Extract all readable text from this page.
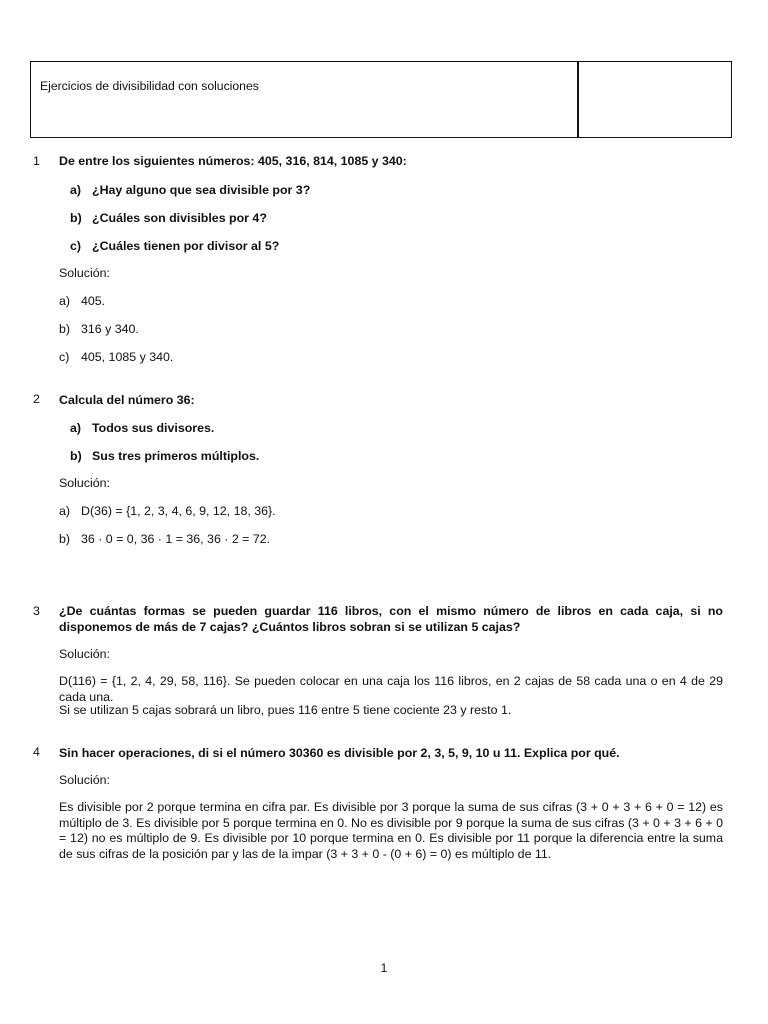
Ejercicios de divisibilidad con soluciones
1 De entre los siguientes números: 405, 316, 814, 1085 y 340:
a) ¿Hay alguno que sea divisible por 3?
b) ¿Cuáles son divisibles por 4?
c) ¿Cuáles tienen por divisor al 5?
Solución:
a) 405.
b) 316 y 340.
c) 405, 1085 y 340.
2 Calcula del número 36:
a) Todos sus divisores.
b) Sus tres primeros múltiplos.
Solución:
a) D(36) = {1, 2, 3, 4, 6, 9, 12, 18, 36}.
b) 36 · 0 = 0, 36 · 1 = 36, 36 · 2 = 72.
3 ¿De cuántas formas se pueden guardar 116 libros, con el mismo número de libros en cada caja, si no disponemos de más de 7 cajas? ¿Cuántos libros sobran si se utilizan 5 cajas?
Solución:
D(116) = {1, 2, 4, 29, 58, 116}. Se pueden colocar en una caja los 116 libros, en 2 cajas de 58 cada una o en 4 de 29 cada una.
Si se utilizan 5 cajas sobrará un libro, pues 116 entre 5 tiene cociente 23 y resto 1.
4 Sin hacer operaciones, di si el número 30360 es divisible por 2, 3, 5, 9, 10 u 11. Explica por qué.
Solución:
Es divisible por 2 porque termina en cifra par. Es divisible por 3 porque la suma de sus cifras (3 + 0 + 3 + 6 + 0 = 12) es múltiplo de 3. Es divisible por 5 porque termina en 0. No es divisible por 9 porque la suma de sus cifras (3 + 0 + 3 + 6 + 0 = 12) no es múltiplo de 9. Es divisible por 10 porque termina en 0. Es divisible por 11 porque la diferencia entre la suma de sus cifras de la posición par y las de la impar (3 + 3 + 0 - (0 + 6) = 0) es múltiplo de 11.
1
